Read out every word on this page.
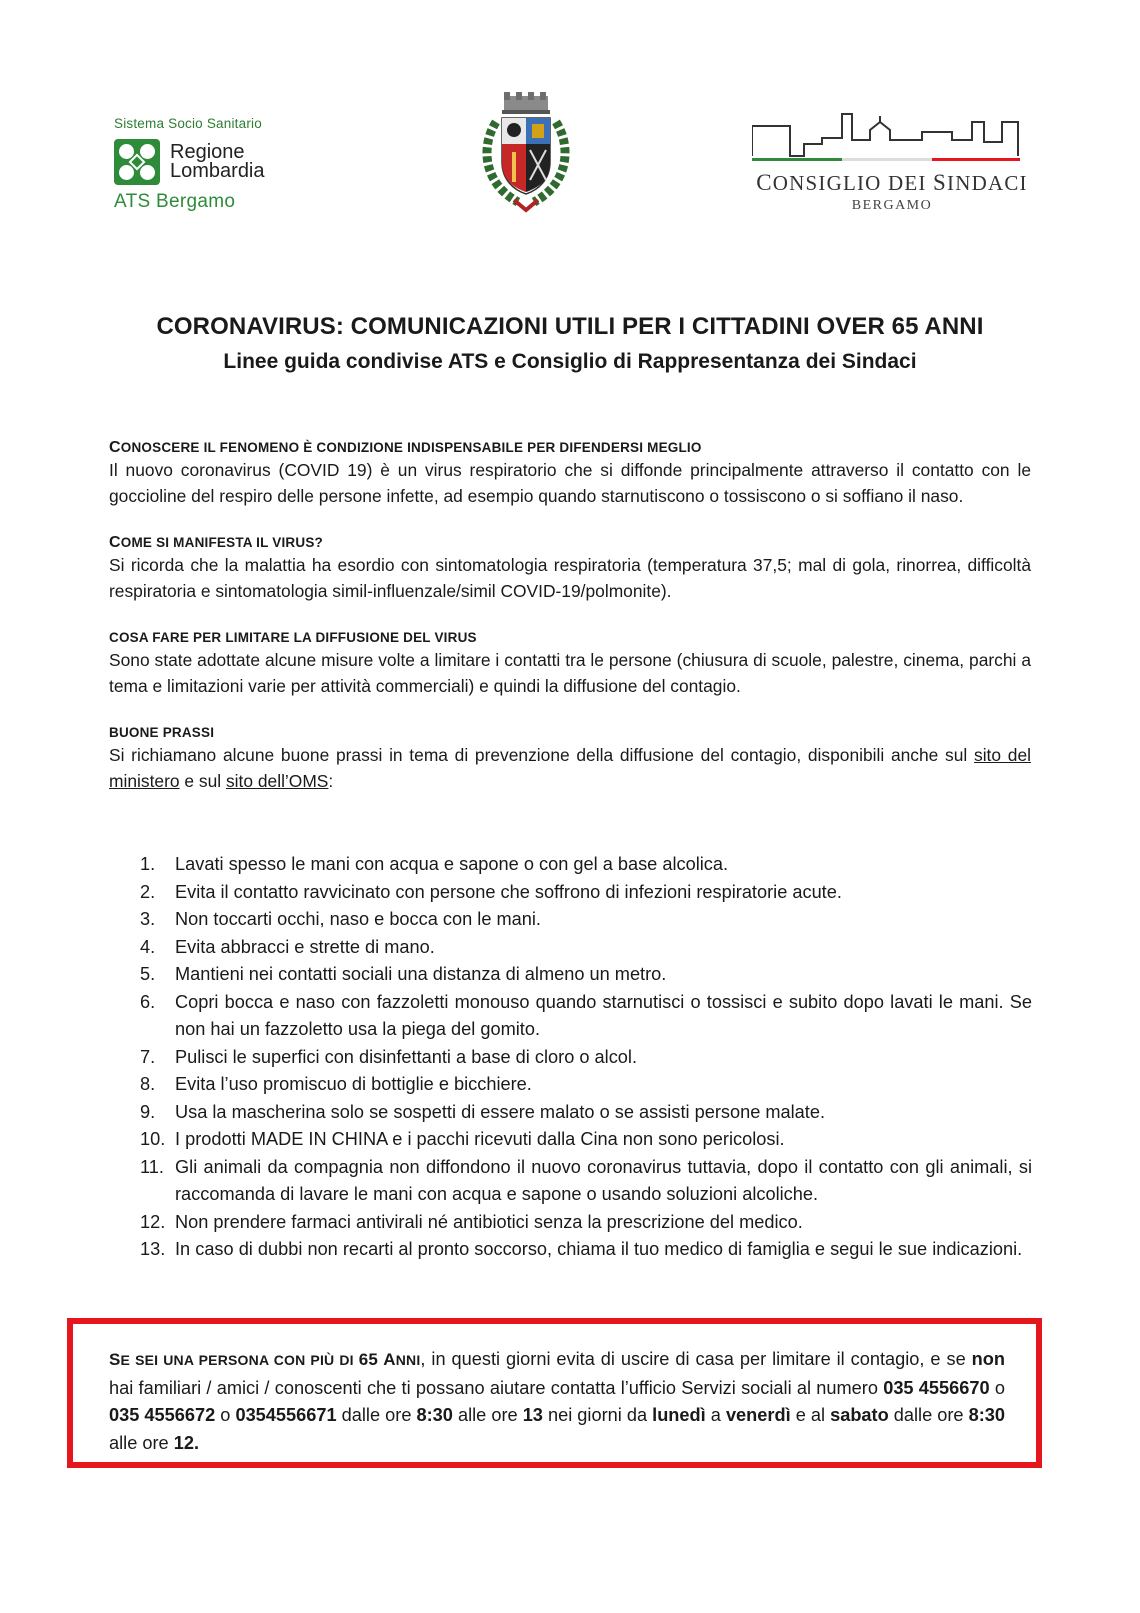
Sistema Socio Sanitario
Regione
Lombardia
ATS Bergamo
CONSIGLIO DEI SINDACI
BERGAMO
CORONAVIRUS: COMUNICAZIONI UTILI PER I CITTADINI OVER 65 ANNI
Linee guida condivise ATS e Consiglio di Rappresentanza dei Sindaci
CONOSCERE IL FENOMENO È CONDIZIONE INDISPENSABILE PER DIFENDERSI MEGLIO
Il nuovo coronavirus (COVID 19) è un virus respiratorio che si diffonde principalmente attraverso il contatto con le goccioline del respiro delle persone infette, ad esempio quando starnutiscono o tossiscono o si soffiano il naso.
COME SI MANIFESTA IL VIRUS?
Si ricorda che la malattia ha esordio con sintomatologia respiratoria (temperatura 37,5; mal di gola, rinorrea, difficoltà respiratoria e sintomatologia simil-influenzale/simil COVID-19/polmonite).
COSA FARE PER LIMITARE LA DIFFUSIONE DEL VIRUS
Sono state adottate alcune misure volte a limitare i contatti tra le persone (chiusura di scuole, palestre, cinema, parchi a tema e limitazioni varie per attività commerciali) e quindi la diffusione del contagio.
BUONE PRASSI
Si richiamano alcune buone prassi in tema di prevenzione della diffusione del contagio, disponibili anche sul sito del ministero e sul sito dell’OMS:
1. Lavati spesso le mani con acqua e sapone o con gel a base alcolica.
2. Evita il contatto ravvicinato con persone che soffrono di infezioni respiratorie acute.
3. Non toccarti occhi, naso e bocca con le mani.
4. Evita abbracci e strette di mano.
5. Mantieni nei contatti sociali una distanza di almeno un metro.
6. Copri bocca e naso con fazzoletti monouso quando starnutisci o tossisci e subito dopo lavati le mani. Se non hai un fazzoletto usa la piega del gomito.
7. Pulisci le superfici con disinfettanti a base di cloro o alcol.
8. Evita l’uso promiscuo di bottiglie e bicchiere.
9. Usa la mascherina solo se sospetti di essere malato o se assisti persone malate.
10. I prodotti MADE IN CHINA e i pacchi ricevuti dalla Cina non sono pericolosi.
11. Gli animali da compagnia non diffondono il nuovo coronavirus tuttavia, dopo il contatto con gli animali, si raccomanda di lavare le mani con acqua e sapone o usando soluzioni alcoliche.
12. Non prendere farmaci antivirali né antibiotici senza la prescrizione del medico.
13. In caso di dubbi non recarti al pronto soccorso, chiama il tuo medico di famiglia e segui le sue indicazioni.
SE SEI UNA PERSONA CON PIÙ DI 65 ANNI, in questi giorni evita di uscire di casa per limitare il contagio, e se non hai familiari / amici / conoscenti che ti possano aiutare contatta l’ufficio Servizi sociali al numero 035 4556670 o 035 4556672 o 0354556671 dalle ore 8:30 alle ore 13 nei giorni da lunedì a venerdì e al sabato dalle ore 8:30 alle ore 12.
